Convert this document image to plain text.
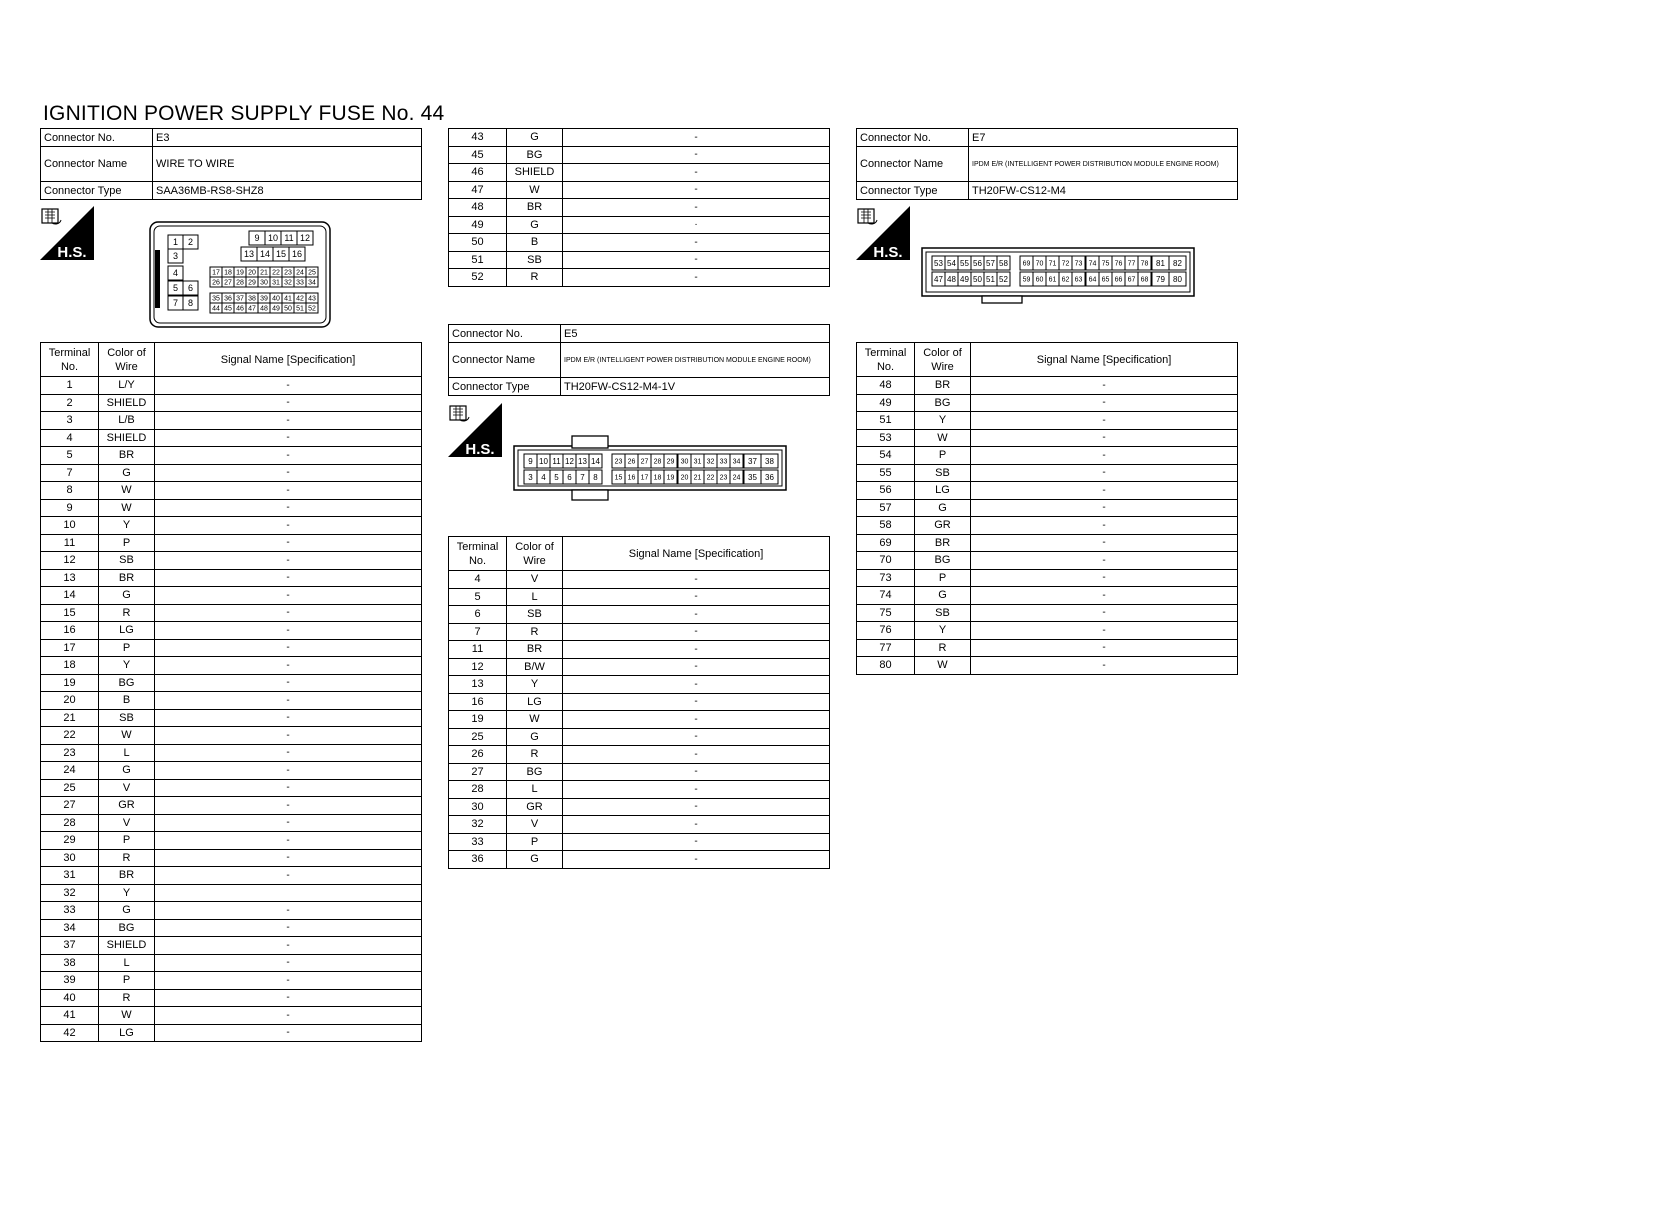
IGNITION POWER SUPPLY FUSE No. 44
Connector No.	E3
Connector Name	WIRE TO WIRE
Connector Type	SAA36MB-RS8-SHZ8
H.S.
1 2	9 10 11 12
3	13 14 15 16
4
5 6
7 8
17 18 19 20 21 22 23 24 25
26 27 28 29 30 31 32 33 34
35 36 37 38 39 40 41 42 43
44 45 46 47 48 49 50 51 52
Terminal No.	Color of Wire	Signal Name [Specification]
1	L/Y	-
2	SHIELD	-
3	L/B	-
4	SHIELD	-
5	BR	-
7	G	-
8	W	-
9	W	-
10	Y	-
11	P	-
12	SB	-
13	BR	-
14	G	-
15	R	-
16	LG	-
17	P	-
18	Y	-
19	BG	-
20	B	-
21	SB	-
22	W	-
23	L	-
24	G	-
25	V	-
27	GR	-
28	V	-
29	P	-
30	R	-
31	BR	-
32	Y	
33	G	-
34	BG	-
37	SHIELD	-
38	L	-
39	P	-
40	R	-
41	W	-
42	LG	-
43	G	-
45	BG	-
46	SHIELD	-
47	W	-
48	BR	-
49	G	·
50	B	-
51	SB	-
52	R	-
Connector No.	E5
Connector Name	IPDM E/R (INTELLIGENT POWER DISTRIBUTION MODULE ENGINE ROOM)
Connector Type	TH20FW-CS12-M4-1V
H.S.
9 10 11 12 13 14 23 26 27 28 29 30 31 32 33 34 37 38
3 4 5 6 7 8 15 16 17 18 19 20 21 22 23 24 35 36
Terminal No.	Color of Wire	Signal Name [Specification]
4	V	-
5	L	-
6	SB	-
7	R	-
11	BR	-
12	B/W	-
13	Y	-
16	LG	-
19	W	-
25	G	-
26	R	-
27	BG	-
28	L	-
30	GR	-
32	V	-
33	P	-
36	G	-
Connector No.	E7
Connector Name	IPDM E/R (INTELLIGENT POWER DISTRIBUTION MODULE ENGINE ROOM)
Connector Type	TH20FW-CS12-M4
H.S.
53 54 55 56 57 58 69 70 71 72 73 74 75 76 77 78 81 82
47 48 49 50 51 52 59 60 61 62 63 64 65 66 67 68 79 80
Terminal No.	Color of Wire	Signal Name [Specification]
48	BR	-
49	BG	-
51	Y	-
53	W	-
54	P	-
55	SB	-
56	LG	-
57	G	-
58	GR	-
69	BR	-
70	BG	-
73	P	-
74	G	-
75	SB	-
76	Y	-
77	R	-
80	W	-
